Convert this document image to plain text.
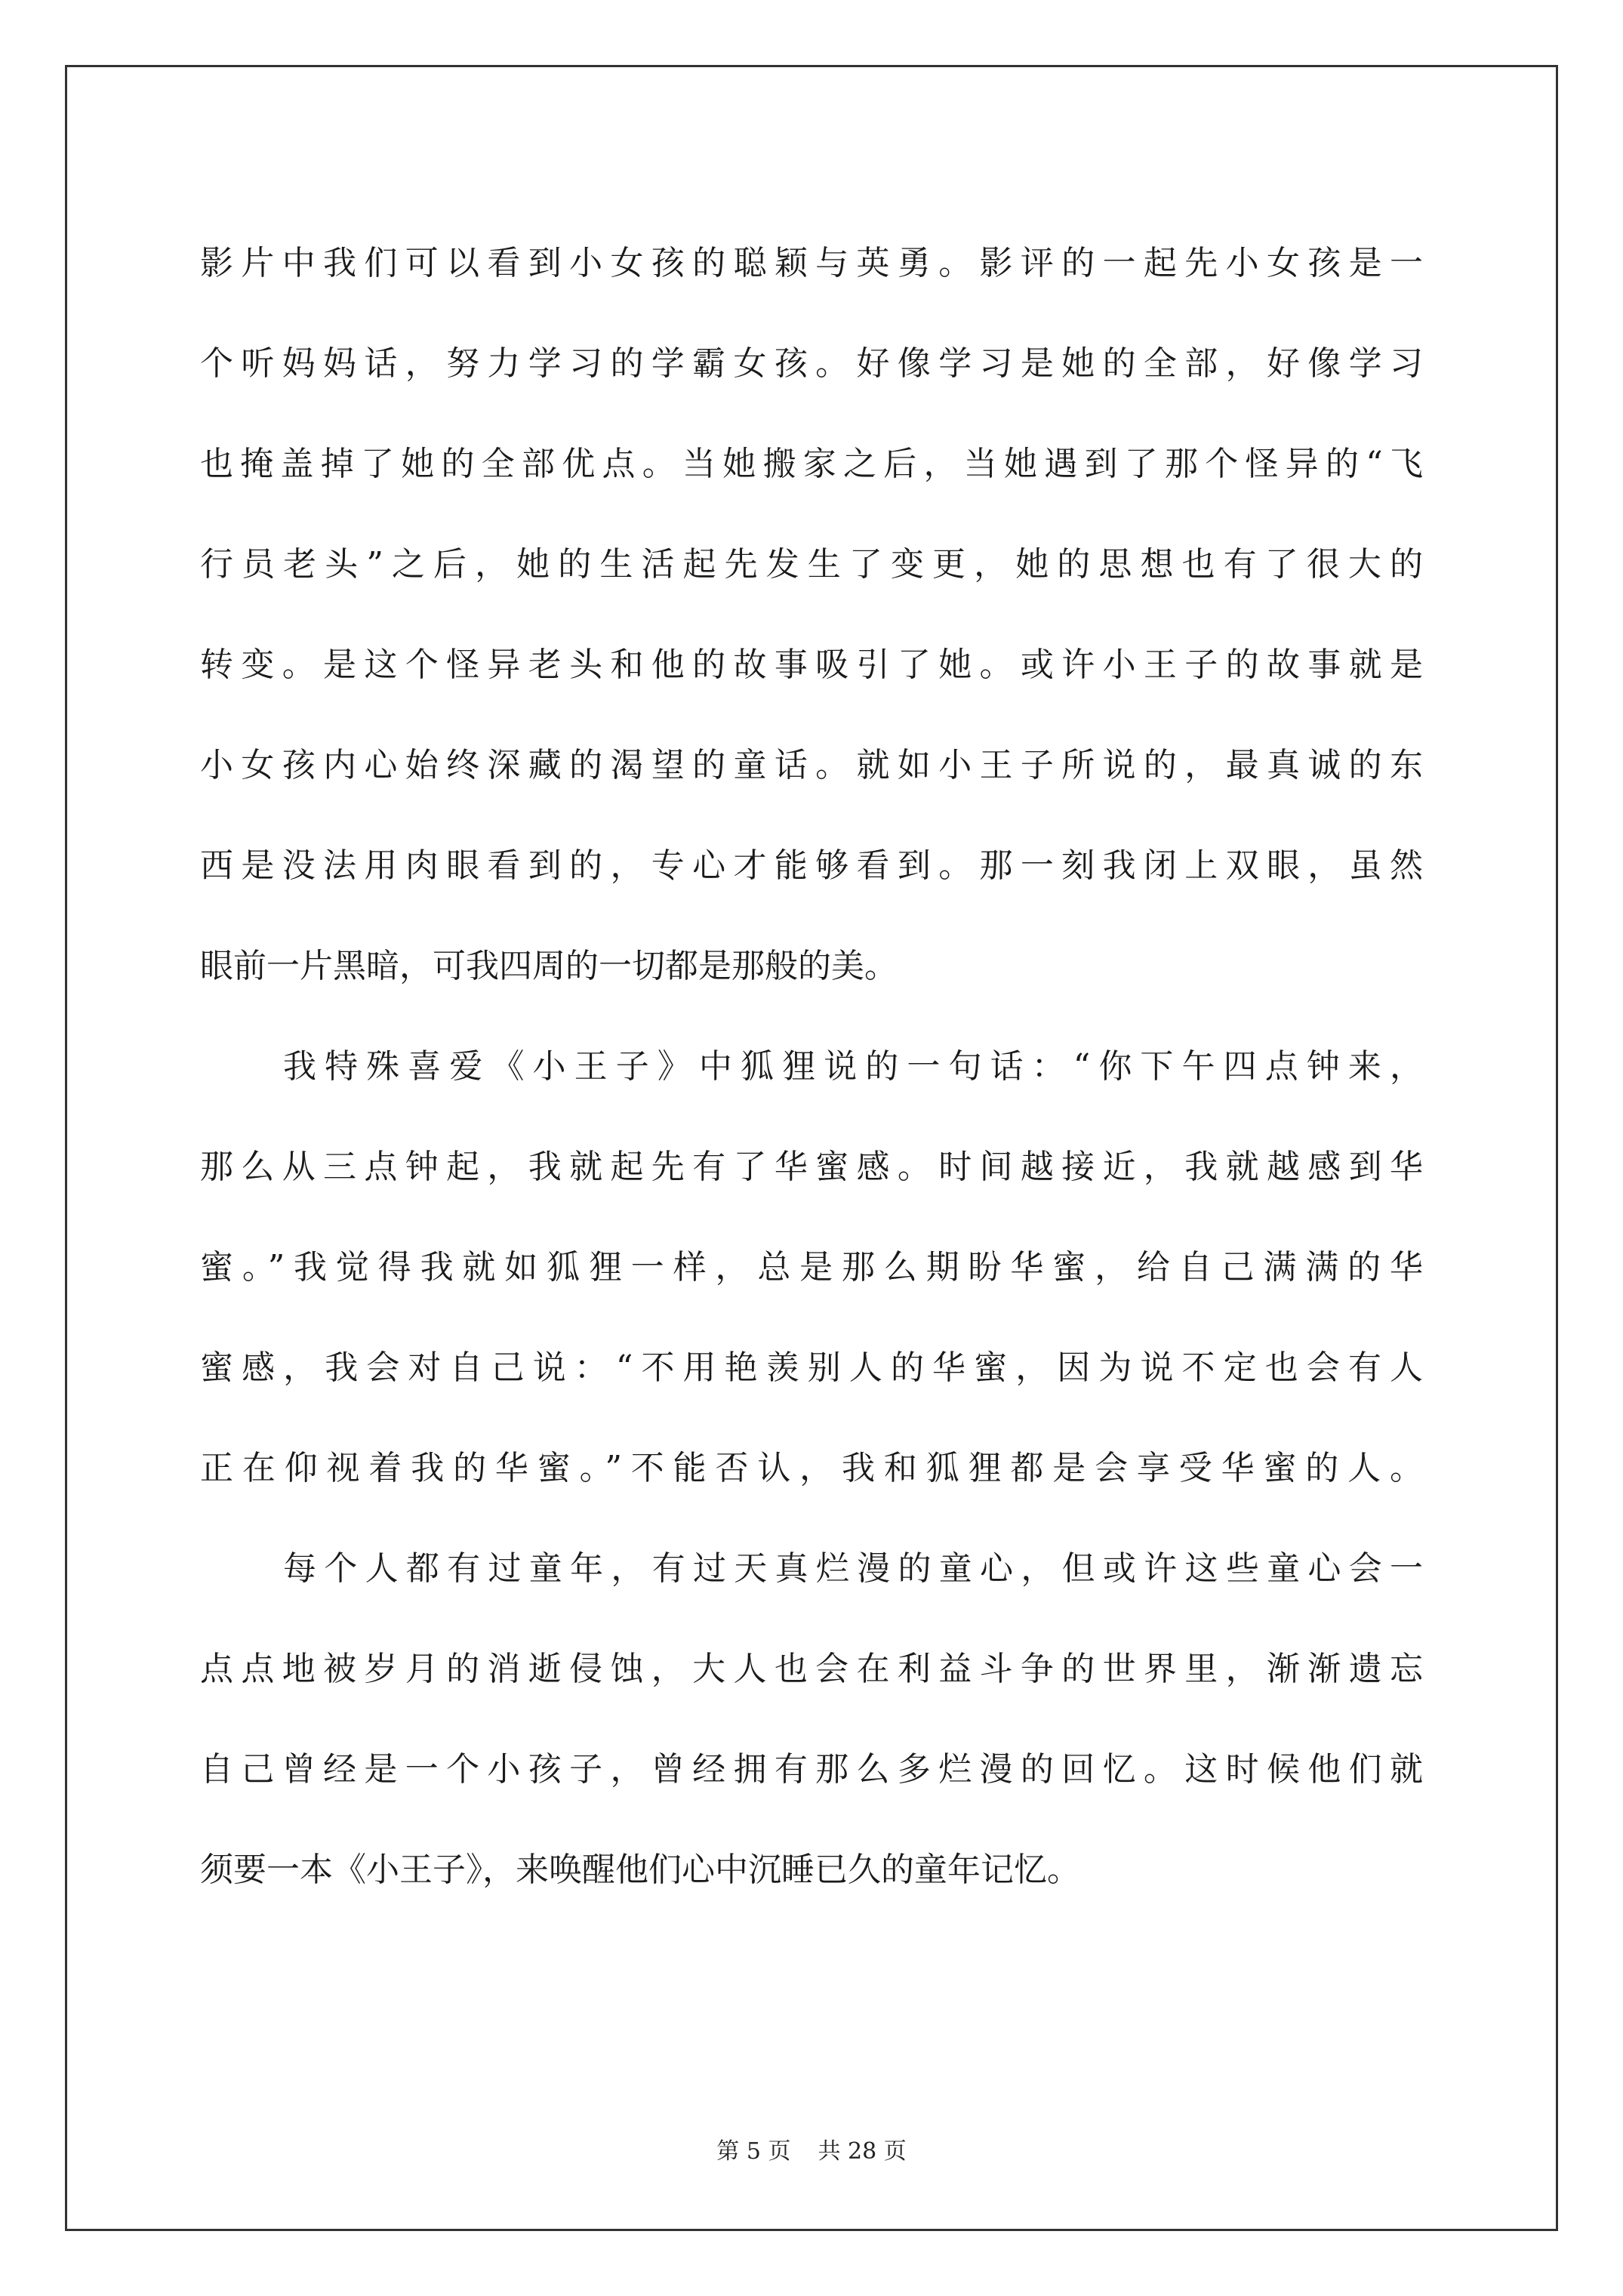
影片中我们可以看到小女孩的聪颖与英勇。影评的一起先小女孩是一
个听妈妈话，努力学习的学霸女孩。好像学习是她的全部，好像学习
也掩盖掉了她的全部优点。当她搬家之后，当她遇到了那个怪异的“飞
行员老头”之后，她的生活起先发生了变更，她的思想也有了很大的
转变。是这个怪异老头和他的故事吸引了她。或许小王子的故事就是
小女孩内心始终深藏的渴望的童话。就如小王子所说的，最真诚的东
西是没法用肉眼看到的，专心才能够看到。那一刻我闭上双眼，虽然
眼前一片黑暗，可我四周的一切都是那般的美。
我特殊喜爱《小王子》中狐狸说的一句话：“你下午四点钟来，
那么从三点钟起，我就起先有了华蜜感。时间越接近，我就越感到华
蜜。”我觉得我就如狐狸一样，总是那么期盼华蜜，给自己满满的华
蜜感，我会对自己说：“不用艳羡别人的华蜜，因为说不定也会有人
正在仰视着我的华蜜。”不能否认，我和狐狸都是会享受华蜜的人。
每个人都有过童年，有过天真烂漫的童心，但或许这些童心会一
点点地被岁月的消逝侵蚀，大人也会在利益斗争的世界里，渐渐遗忘
自己曾经是一个小孩子，曾经拥有那么多烂漫的回忆。这时候他们就
须要一本《小王子》，来唤醒他们心中沉睡已久的童年记忆。
第 5 页 共 28 页
